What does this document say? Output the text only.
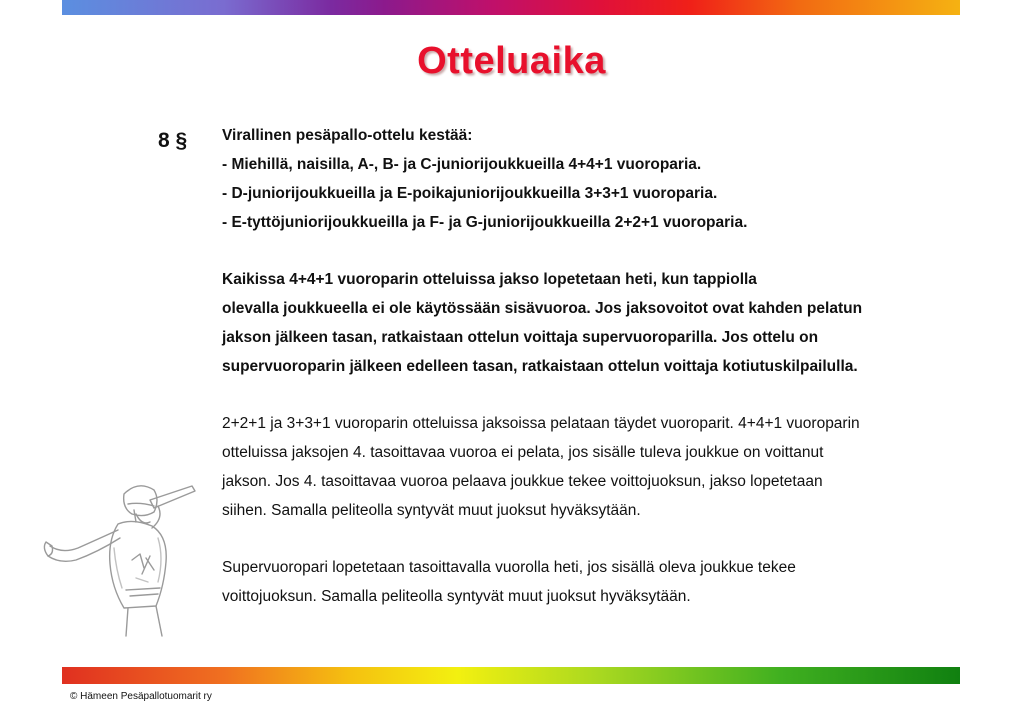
Otteluaika
8 § Virallinen pesäpallo-ottelu kestää:

- Miehillä, naisilla, A-, B- ja C-juniorijoukkueilla 4+4+1 vuoroparia.

- D-juniorijoukkueilla ja E-poikajuniorijoukkueilla 3+3+1 vuoroparia.

- E-tyttöjuniorijoukkueilla ja F- ja G-juniorijoukkueilla 2+2+1 vuoroparia.

Kaikissa 4+4+1 vuoroparin otteluissa jakso lopetetaan heti, kun tappiolla

olevalla joukkueella ei ole käytössään sisävuoroa. Jos jaksovoitot ovat kahden pelatun

jakson jälkeen tasan, ratkaistaan ottelun voittaja supervuoroparilla. Jos ottelu on

supervuoroparin jälkeen edelleen tasan, ratkaistaan ottelun voittaja kotiutuskilpailulla.

2+2+1 ja 3+3+1 vuoroparin otteluissa jaksoissa pelataan täydet vuoroparit. 4+4+1 vuoroparin

otteluissa jaksojen 4. tasoittavaa vuoroa ei pelata, jos sisälle tuleva joukkue on voittanut

jakson. Jos 4. tasoittavaa vuoroa pelaava joukkue tekee voittojuoksun, jakso lopetetaan

siihen. Samalla peliteolla syntyvät muut juoksut hyväksytään.

Supervuoropari lopetetaan tasoittavalla vuorolla heti, jos sisällä oleva joukkue tekee

voittojuoksun. Samalla peliteolla syntyvät muut juoksut hyväksytään.

© Hämeen Pesäpallotuomarit ry
